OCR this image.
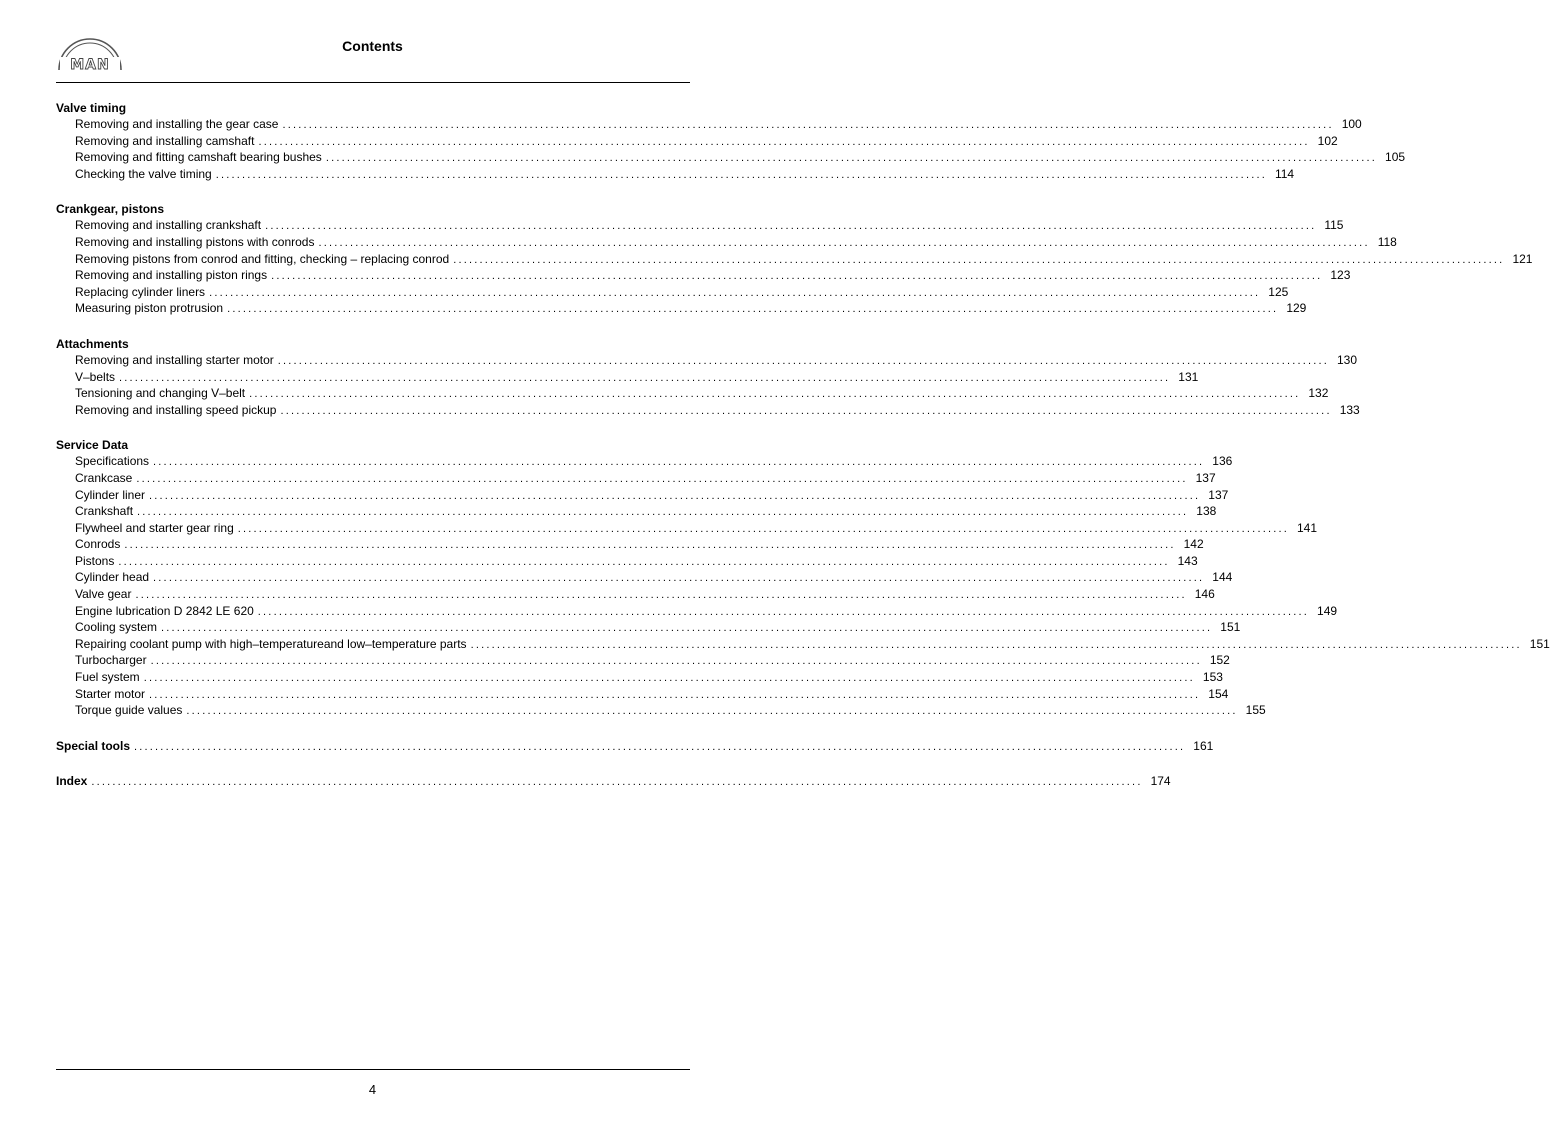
MAN
Contents
Valve timing
Removing and installing the gear case ........................................................................................................................................................................................................ 100
Removing and installing camshaft ........................................................................................................................................................................................................ 102
Removing and fitting camshaft bearing bushes ........................................................................................................................................................................................................ 105
Checking the valve timing ........................................................................................................................................................................................................ 114
Crankgear, pistons
Removing and installing crankshaft ........................................................................................................................................................................................................ 115
Removing and installing pistons with conrods ........................................................................................................................................................................................................ 118
Removing pistons from conrod and fitting, checking – replacing conrod ........................................................................................................................................................................................................ 121
Removing and installing piston rings ........................................................................................................................................................................................................ 123
Replacing cylinder liners ........................................................................................................................................................................................................ 125
Measuring piston protrusion ........................................................................................................................................................................................................ 129
Attachments
Removing and installing starter motor ........................................................................................................................................................................................................ 130
V–belts ........................................................................................................................................................................................................ 131
Tensioning and changing V–belt ........................................................................................................................................................................................................ 132
Removing and installing speed pickup ........................................................................................................................................................................................................ 133
Service Data
Specifications ........................................................................................................................................................................................................ 136
Crankcase ........................................................................................................................................................................................................ 137
Cylinder liner ........................................................................................................................................................................................................ 137
Crankshaft ........................................................................................................................................................................................................ 138
Flywheel and starter gear ring ........................................................................................................................................................................................................ 141
Conrods ........................................................................................................................................................................................................ 142
Pistons ........................................................................................................................................................................................................ 143
Cylinder head ........................................................................................................................................................................................................ 144
Valve gear ........................................................................................................................................................................................................ 146
Engine lubrication D 2842 LE 620 ........................................................................................................................................................................................................ 149
Cooling system ........................................................................................................................................................................................................ 151
Repairing coolant pump with high–temperatureand low–temperature parts ........................................................................................................................................................................................................ 151
Turbocharger ........................................................................................................................................................................................................ 152
Fuel system ........................................................................................................................................................................................................ 153
Starter motor ........................................................................................................................................................................................................ 154
Torque guide values ........................................................................................................................................................................................................ 155
Special tools ........................................................................................................................................................................................................ 161
Index ........................................................................................................................................................................................................ 174
4
